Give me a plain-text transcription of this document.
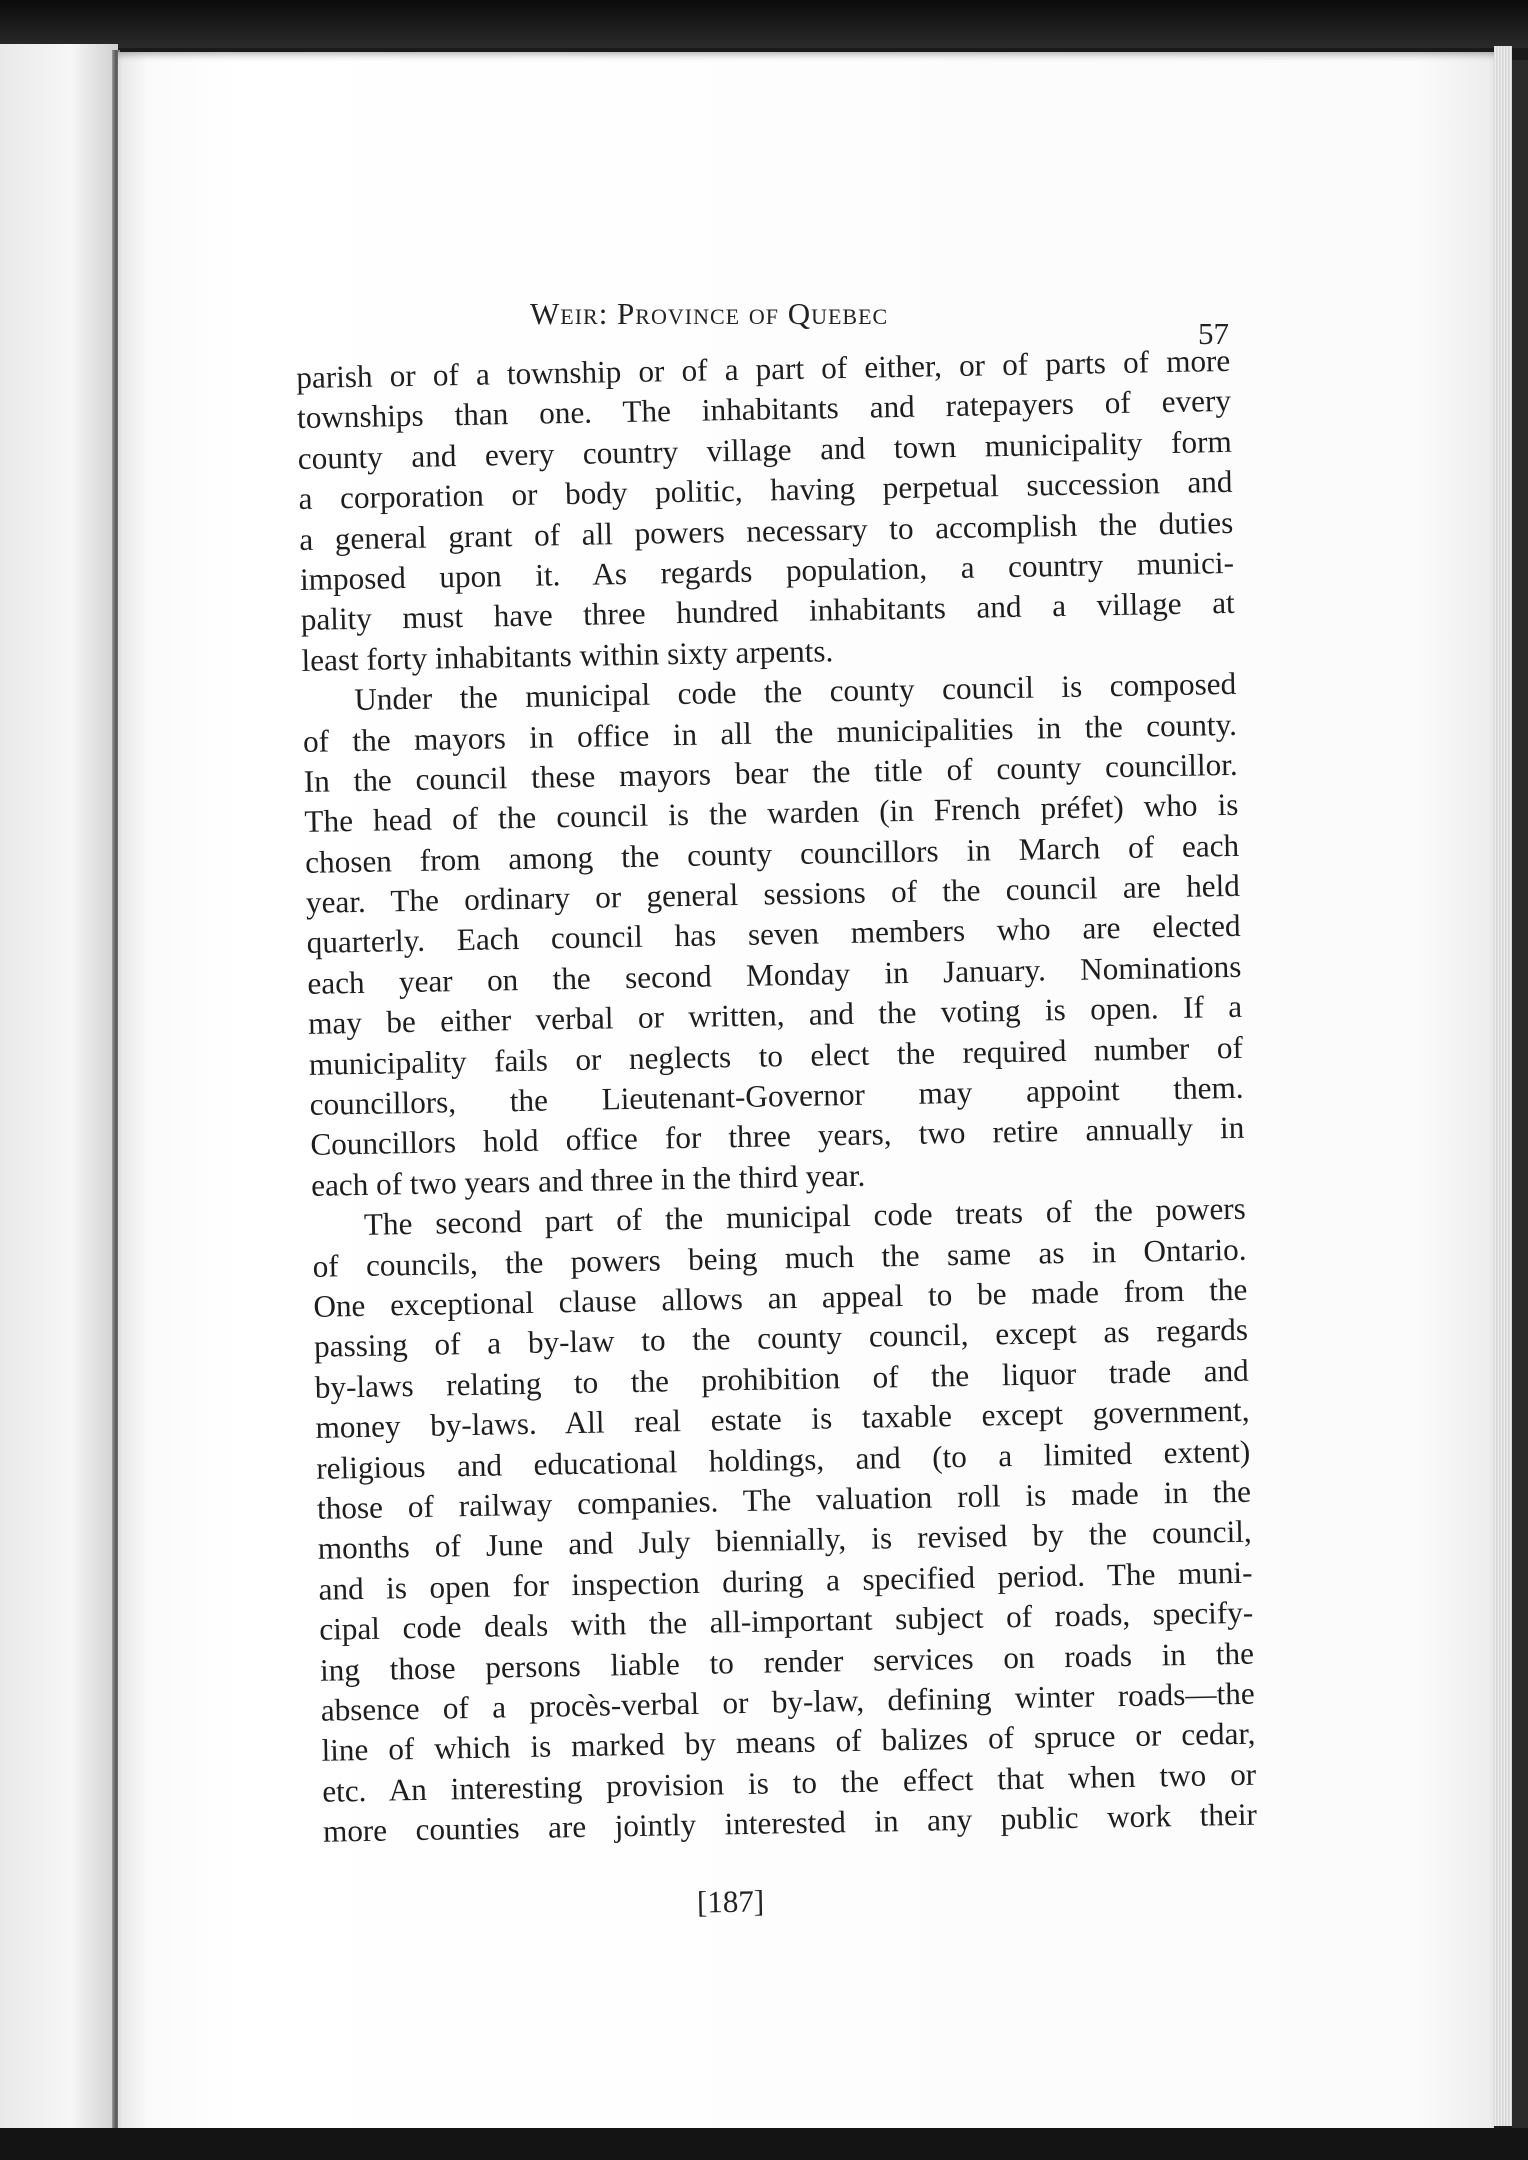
Weir: Province of Quebec
57
parish or of a township or of a part of either, or of parts of more
townships than one. The inhabitants and ratepayers of every
county and every country village and town municipality form
a corporation or body politic, having perpetual succession and
a general grant of all powers necessary to accomplish the duties
imposed upon it. As regards population, a country munici-
pality must have three hundred inhabitants and a village at
least forty inhabitants within sixty arpents.
Under the municipal code the county council is composed
of the mayors in office in all the municipalities in the county.
In the council these mayors bear the title of county councillor.
The head of the council is the warden (in French préfet) who is
chosen from among the county councillors in March of each
year. The ordinary or general sessions of the council are held
quarterly. Each council has seven members who are elected
each year on the second Monday in January. Nominations
may be either verbal or written, and the voting is open. If a
municipality fails or neglects to elect the required number of
councillors, the Lieutenant-Governor may appoint them.
Councillors hold office for three years, two retire annually in
each of two years and three in the third year.
The second part of the municipal code treats of the powers
of councils, the powers being much the same as in Ontario.
One exceptional clause allows an appeal to be made from the
passing of a by-law to the county council, except as regards
by-laws relating to the prohibition of the liquor trade and
money by-laws. All real estate is taxable except government,
religious and educational holdings, and (to a limited extent)
those of railway companies. The valuation roll is made in the
months of June and July biennially, is revised by the council,
and is open for inspection during a specified period. The muni-
cipal code deals with the all-important subject of roads, specify-
ing those persons liable to render services on roads in the
absence of a procès-verbal or by-law, defining winter roads—the
line of which is marked by means of balizes of spruce or cedar,
etc. An interesting provision is to the effect that when two or
more counties are jointly interested in any public work their
[187]
